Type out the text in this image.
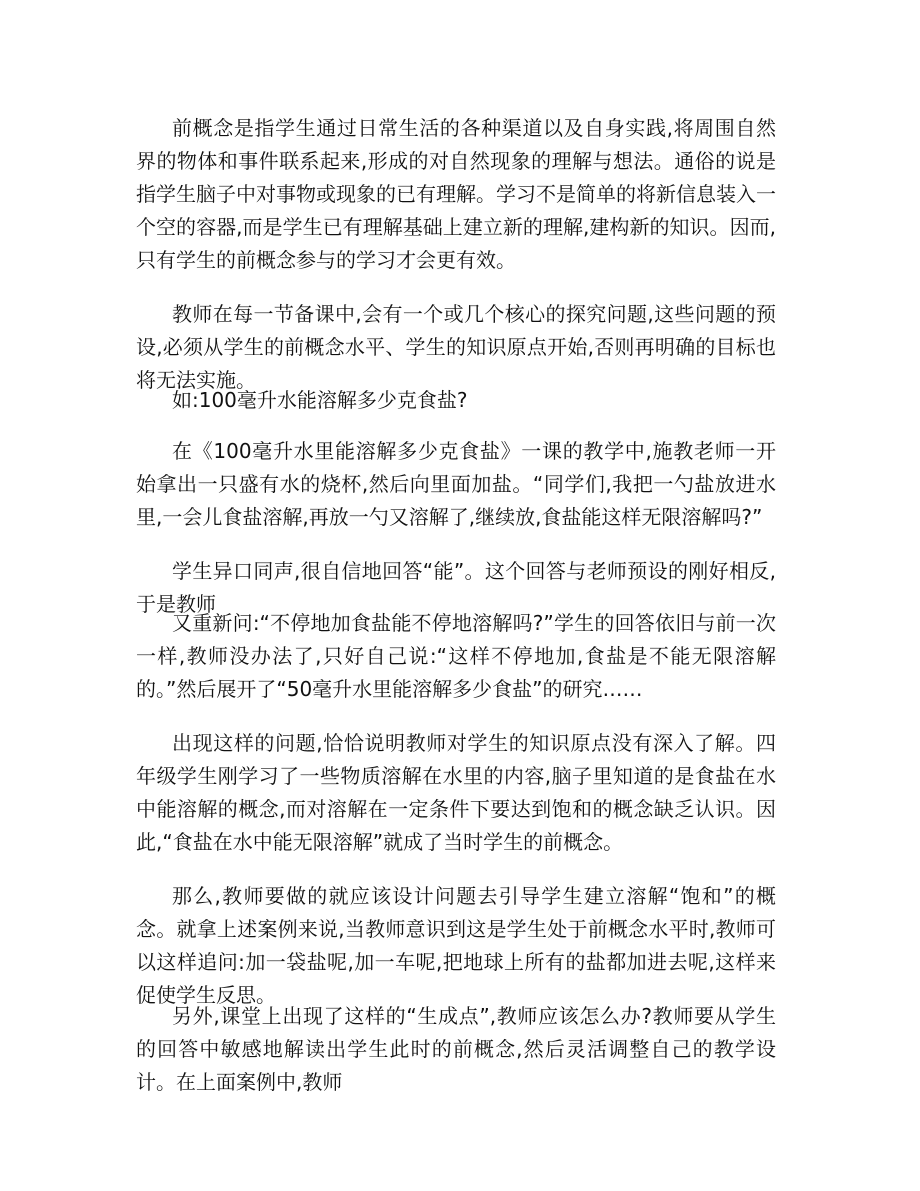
前概念是指学生通过日常生活的各种渠道以及自身实践,将周围自然界的物体和事件联系起来,形成的对自然现象的理解与想法。通俗的说是指学生脑子中对事物或现象的已有理解。学习不是简单的将新信息装入一个空的容器,而是学生已有理解基础上建立新的理解,建构新的知识。因而,只有学生的前概念参与的学习才会更有效。

教师在每一节备课中,会有一个或几个核心的探究问题,这些问题的预设,必须从学生的前概念水平、学生的知识原点开始,否则再明确的目标也将无法实施。

如:100毫升水能溶解多少克食盐?

在《100毫升水里能溶解多少克食盐》一课的教学中,施教老师一开始拿出一只盛有水的烧杯,然后向里面加盐。“同学们,我把一勺盐放进水里,一会儿食盐溶解,再放一勺又溶解了,继续放,食盐能这样无限溶解吗?”

学生异口同声,很自信地回答“能”。这个回答与老师预设的刚好相反,于是教师

又重新问:“不停地加食盐能不停地溶解吗?”学生的回答依旧与前一次一样,教师没办法了,只好自己说:“这样不停地加,食盐是不能无限溶解的。”然后展开了“50毫升水里能溶解多少食盐”的研究……

出现这样的问题,恰恰说明教师对学生的知识原点没有深入了解。四年级学生刚学习了一些物质溶解在水里的内容,脑子里知道的是食盐在水中能溶解的概念,而对溶解在一定条件下要达到饱和的概念缺乏认识。因此,“食盐在水中能无限溶解”就成了当时学生的前概念。

那么,教师要做的就应该设计问题去引导学生建立溶解“饱和”的概念。就拿上述案例来说,当教师意识到这是学生处于前概念水平时,教师可以这样追问:加一袋盐呢,加一车呢,把地球上所有的盐都加进去呢,这样来促使学生反思。

另外,课堂上出现了这样的“生成点”,教师应该怎么办?教师要从学生的回答中敏感地解读出学生此时的前概念,然后灵活调整自己的教学设计。在上面案例中,教师
